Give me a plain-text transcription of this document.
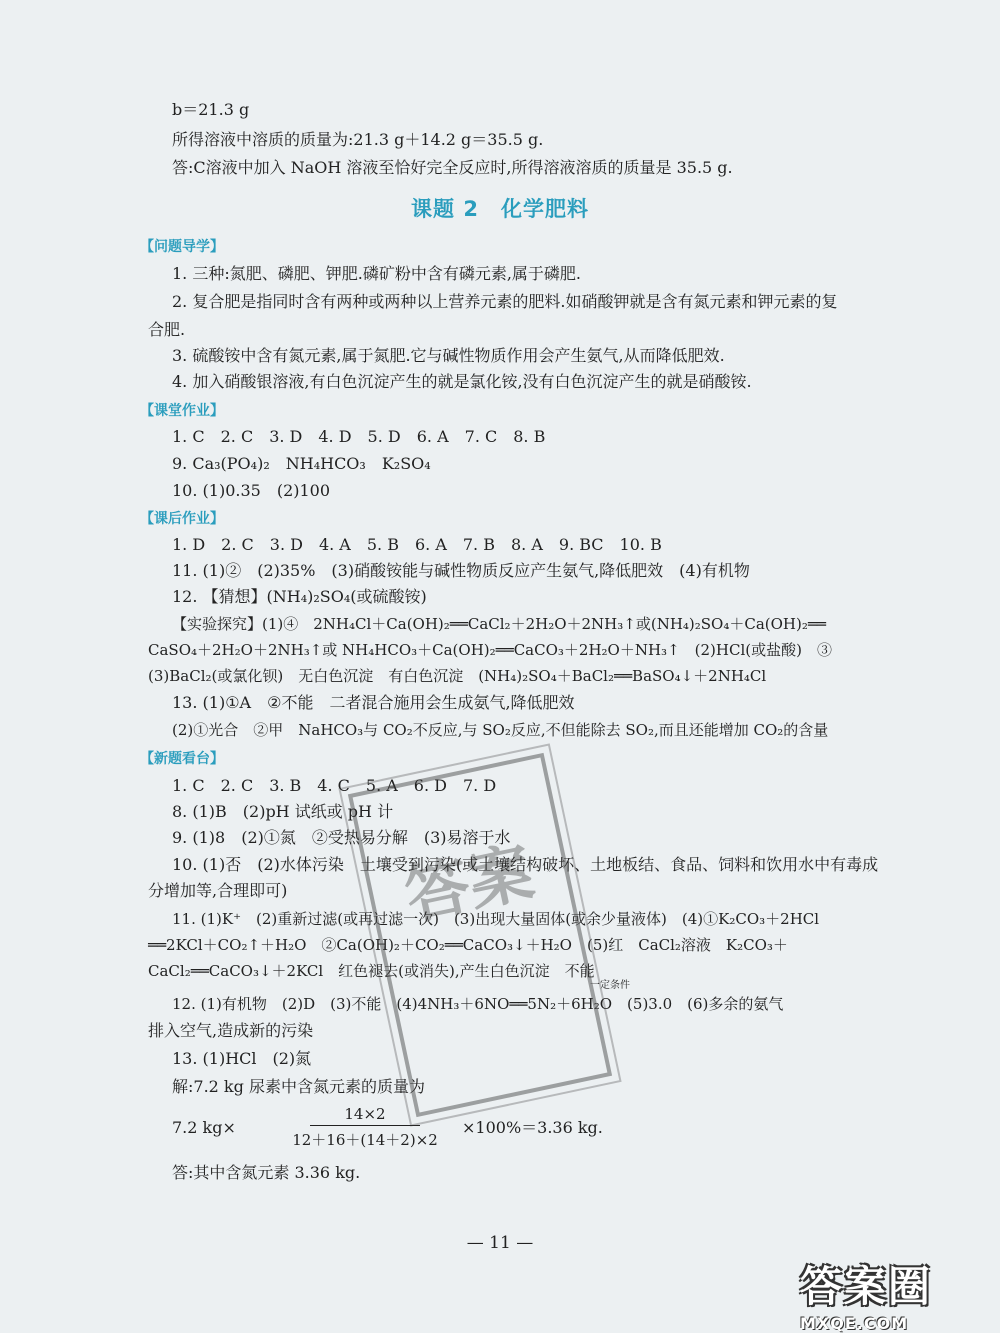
b＝21.3 g
所得溶液中溶质的质量为:21.3 g＋14.2 g＝35.5 g.
答:C溶液中加入 NaOH 溶液至恰好完全反应时,所得溶液溶质的质量是 35.5 g.
课题 2　化学肥料
【问题导学】
1. 三种:氮肥、磷肥、钾肥.磷矿粉中含有磷元素,属于磷肥.
2. 复合肥是指同时含有两种或两种以上营养元素的肥料.如硝酸钾就是含有氮元素和钾元素的复
合肥.
3. 硫酸铵中含有氮元素,属于氮肥.它与碱性物质作用会产生氨气,从而降低肥效.
4. 加入硝酸银溶液,有白色沉淀产生的就是氯化铵,没有白色沉淀产生的就是硝酸铵.
【课堂作业】
1. C　2. C　3. D　4. D　5. D　6. A　7. C　8. B
9. Ca₃(PO₄)₂　NH₄HCO₃　K₂SO₄
10. (1)0.35　(2)100
【课后作业】
1. D　2. C　3. D　4. A　5. B　6. A　7. B　8. A　9. BC　10. B
11. (1)②　(2)35%　(3)硝酸铵能与碱性物质反应产生氨气,降低肥效　(4)有机物
12. 【猜想】(NH₄)₂SO₄(或硫酸铵)
【实验探究】(1)④　2NH₄Cl＋Ca(OH)₂══CaCl₂＋2H₂O＋2NH₃↑或(NH₄)₂SO₄＋Ca(OH)₂══
CaSO₄＋2H₂O＋2NH₃↑或 NH₄HCO₃＋Ca(OH)₂══CaCO₃＋2H₂O＋NH₃↑　(2)HCl(或盐酸)　③
(3)BaCl₂(或氯化钡)　无白色沉淀　有白色沉淀　(NH₄)₂SO₄＋BaCl₂══BaSO₄↓＋2NH₄Cl
13. (1)①A　②不能　二者混合施用会生成氨气,降低肥效
(2)①光合　②甲　NaHCO₃与 CO₂不反应,与 SO₂反应,不但能除去 SO₂,而且还能增加 CO₂的含量
【新题看台】
1. C　2. C　3. B　4. C　5. A　6. D　7. D
8. (1)B　(2)pH 试纸或 pH 计
9. (1)8　(2)①氮　②受热易分解　(3)易溶于水
10. (1)否　(2)水体污染　土壤受到污染(或土壤结构破坏、土地板结、食品、饲料和饮用水中有毒成
分增加等,合理即可)
11. (1)K⁺　(2)重新过滤(或再过滤一次)　(3)出现大量固体(或余少量液体)　(4)①K₂CO₃＋2HCl
══2KCl＋CO₂↑＋H₂O　②Ca(OH)₂＋CO₂══CaCO₃↓＋H₂O　(5)红　CaCl₂溶液　K₂CO₃＋
CaCl₂══CaCO₃↓＋2KCl　红色褪去(或消失),产生白色沉淀　不能
一定条件
12. (1)有机物　(2)D　(3)不能　(4)4NH₃＋6NO══5N₂＋6H₂O　(5)3.0　(6)多余的氨气
排入空气,造成新的污染
13. (1)HCl　(2)氮
解:7.2 kg 尿素中含氮元素的质量为
7.2 kg×
$\frac{14\times 2}{12+16+(14+2)\times 2}$
×100%＝3.36 kg.
答:其中含氮元素 3.36 kg.
答案
— 11 —
答案圈
MXQE.COM
